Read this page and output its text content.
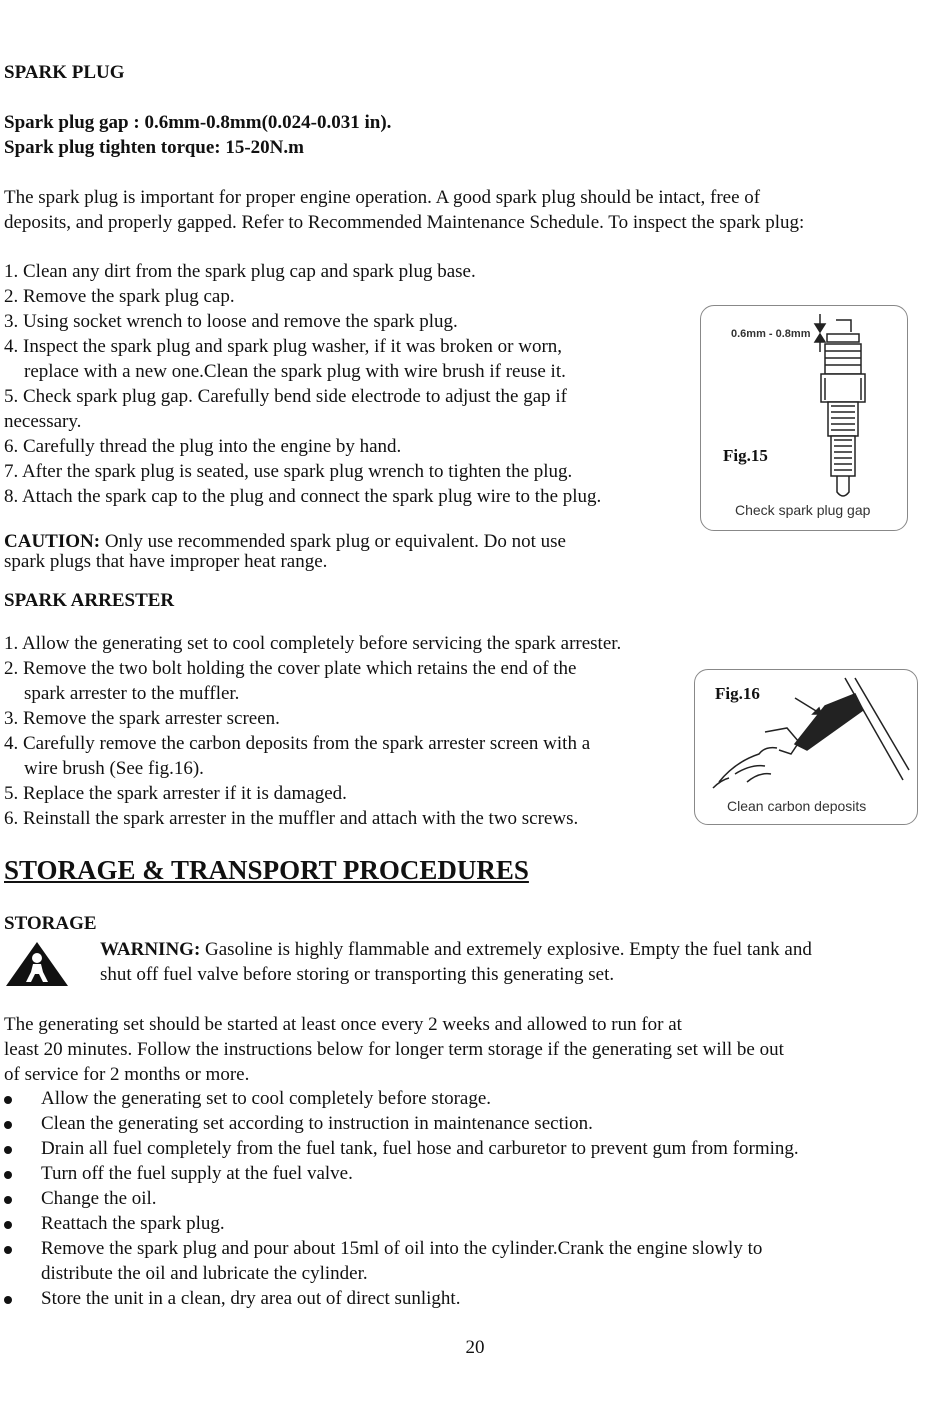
SPARK PLUG
Spark plug gap : 0.6mm-0.8mm(0.024-0.031 in).
Spark plug tighten torque: 15-20N.m
The spark plug is important for proper engine operation. A good spark plug should be intact, free of
deposits, and properly gapped. Refer to Recommended Maintenance Schedule. To inspect the spark plug:
1. Clean any dirt from the spark plug cap and spark plug base.
2. Remove the spark plug cap.
3. Using socket wrench to loose and remove the spark plug.
4. Inspect the spark plug and spark plug washer, if it was broken or worn,
replace with a new one.Clean the spark plug with wire brush if reuse it.
5. Check spark plug gap. Carefully bend side electrode to adjust the gap if
necessary.
6. Carefully thread the plug into the engine by hand.
7. After the spark plug is seated, use spark plug wrench to tighten the plug.
8. Attach the spark cap to the plug and connect the spark plug wire to the plug.
CAUTION: Only use recommended spark plug or equivalent. Do not use
spark plugs that have improper heat range.
0.6mm - 0.8mm
Fig.15
Check spark plug gap
SPARK ARRESTER
1. Allow the generating set to cool completely before servicing the spark arrester.
2. Remove the two bolt holding the cover plate which retains the end of the
spark arrester to the muffler.
3. Remove the spark arrester screen.
4. Carefully remove the carbon deposits from the spark arrester screen with a
wire brush (See fig.16).
5. Replace the spark arrester if it is damaged.
6. Reinstall the spark arrester in the muffler and attach with the two screws.
Fig.16
Clean carbon deposits
STORAGE & TRANSPORT PROCEDURES
STORAGE
WARNING: Gasoline is highly flammable and extremely explosive. Empty the fuel tank and
shut off fuel valve before storing or transporting this generating set.
The generating set should be started at least once every 2 weeks and allowed to run for at
least 20 minutes. Follow the instructions below for longer term storage if the generating set will be out
of service for 2 months or more.
Allow the generating set to cool completely before storage.
Clean the generating set according to instruction in maintenance section.
Drain all fuel completely from the fuel tank, fuel hose and carburetor to prevent gum from forming.
Turn off the fuel supply at the fuel valve.
Change the oil.
Reattach the spark plug.
Remove the spark plug and pour about 15ml of oil into the cylinder.Crank the engine slowly to
distribute the oil and lubricate the cylinder.
Store the unit in a clean, dry area out of direct sunlight.
20
